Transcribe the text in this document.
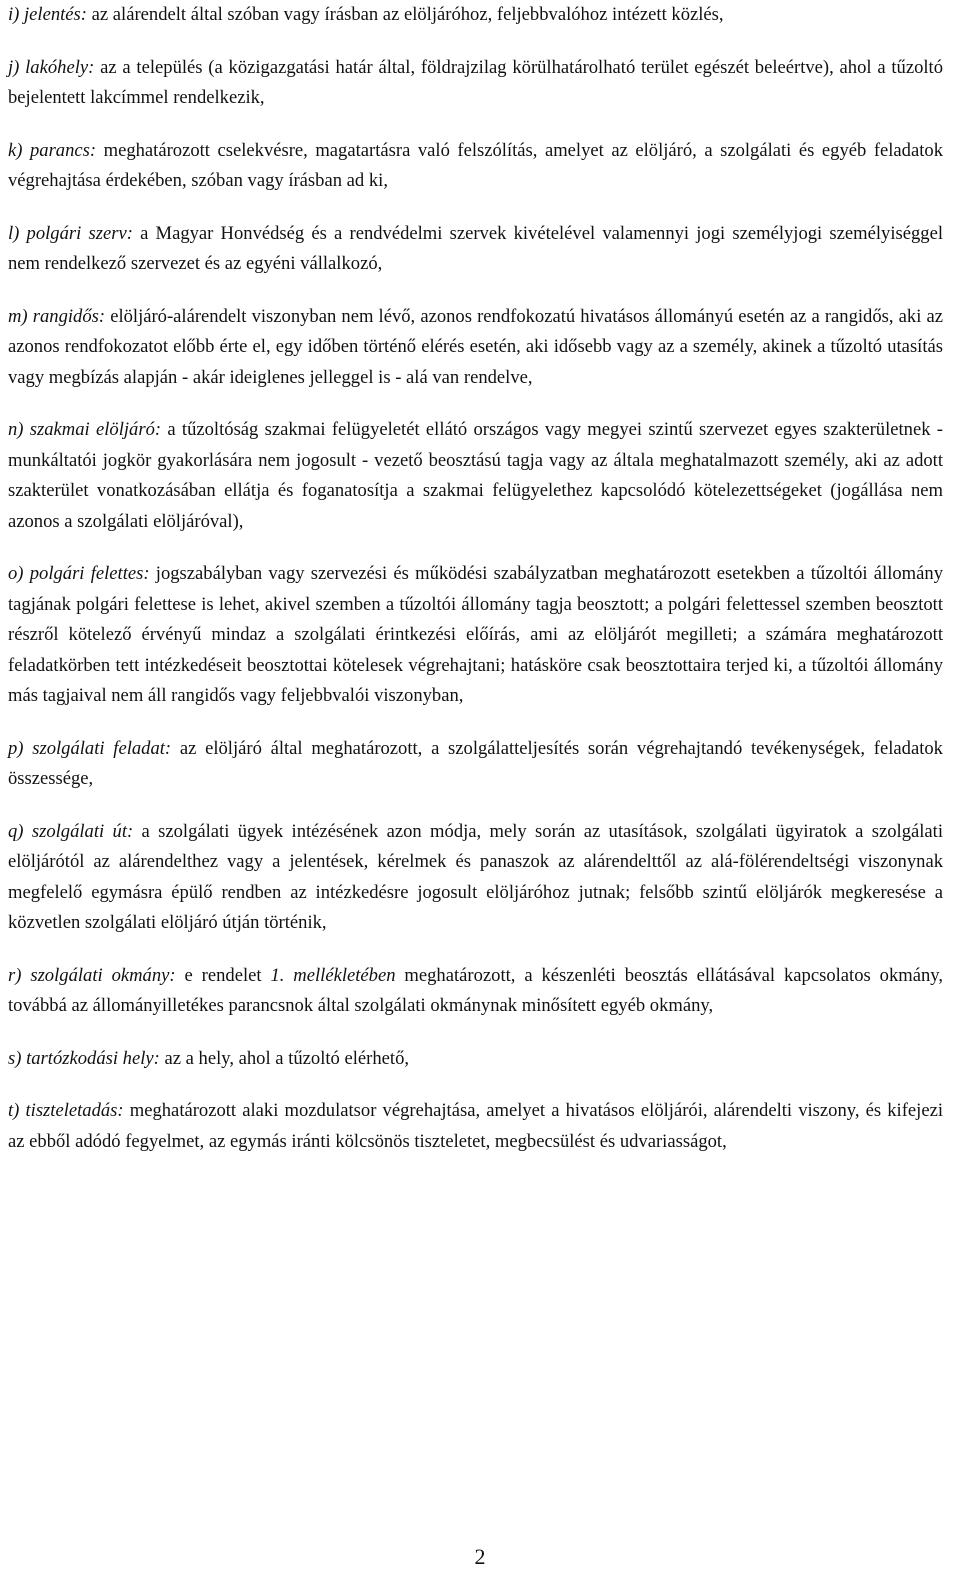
i) jelentés: az alárendelt által szóban vagy írásban az elöljáróhoz, feljebbvalóhoz intézett közlés,

j) lakóhely: az a település (a közigazgatási határ által, földrajzilag körülhatárolható terület egészét beleértve), ahol a tűzoltó bejelentett lakcímmel rendelkezik,

k) parancs: meghatározott cselekvésre, magatartásra való felszólítás, amelyet az elöljáró, a szolgálati és egyéb feladatok végrehajtása érdekében, szóban vagy írásban ad ki,

l) polgári szerv: a Magyar Honvédség és a rendvédelmi szervek kivételével valamennyi jogi személyjogi személyiséggel nem rendelkező szervezet és az egyéni vállalkozó,

m) rangidős: elöljáró-alárendelt viszonyban nem lévő, azonos rendfokozatú hivatásos állományú esetén az a rangidős, aki az azonos rendfokozatot előbb érte el, egy időben történő elérés esetén, aki idősebb vagy az a személy, akinek a tűzoltó utasítás vagy megbízás alapján - akár ideiglenes jelleggel is - alá van rendelve,

n) szakmai elöljáró: a tűzoltóság szakmai felügyeletét ellátó országos vagy megyei szintű szervezet egyes szakterületnek - munkáltatói jogkör gyakorlására nem jogosult - vezető beosztású tagja vagy az általa meghatalmazott személy, aki az adott szakterület vonatkozásában ellátja és foganatosítja a szakmai felügyelethez kapcsolódó kötelezettségeket (jogállása nem azonos a szolgálati elöljáróval),

o) polgári felettes: jogszabályban vagy szervezési és működési szabályzatban meghatározott esetekben a tűzoltói állomány tagjának polgári felettese is lehet, akivel szemben a tűzoltói állomány tagja beosztott; a polgári felettessel szemben beosztott részről kötelező érvényű mindaz a szolgálati érintkezési előírás, ami az elöljárót megilleti; a számára meghatározott feladatkörben tett intézkedéseit beosztottai kötelesek végrehajtani; hatásköre csak beosztottaira terjed ki, a tűzoltói állomány más tagjaival nem áll rangidős vagy feljebbvalói viszonyban,

p) szolgálati feladat: az elöljáró által meghatározott, a szolgálatteljesítés során végrehajtandó tevékenységek, feladatok összessége,

q) szolgálati út: a szolgálati ügyek intézésének azon módja, mely során az utasítások, szolgálati ügyiratok a szolgálati elöljárótól az alárendelthez vagy a jelentések, kérelmek és panaszok az alárendelttől az alá-fölérendeltségi viszonynak megfelelő egymásra épülő rendben az intézkedésre jogosult elöljáróhoz jutnak; felsőbb szintű elöljárók megkeresése a közvetlen szolgálati elöljáró útján történik,

r) szolgálati okmány: e rendelet 1. mellékletében meghatározott, a készenléti beosztás ellátásával kapcsolatos okmány, továbbá az állományilletékes parancsnok által szolgálati okmánynak minősített egyéb okmány,

s) tartózkodási hely: az a hely, ahol a tűzoltó elérhető,

t) tiszteletadás: meghatározott alaki mozdulatsor végrehajtása, amelyet a hivatásos elöljárói, alárendelti viszony, és kifejezi az ebből adódó fegyelmet, az egymás iránti kölcsönös tiszteletet, megbecsülést és udvariasságot,

2
